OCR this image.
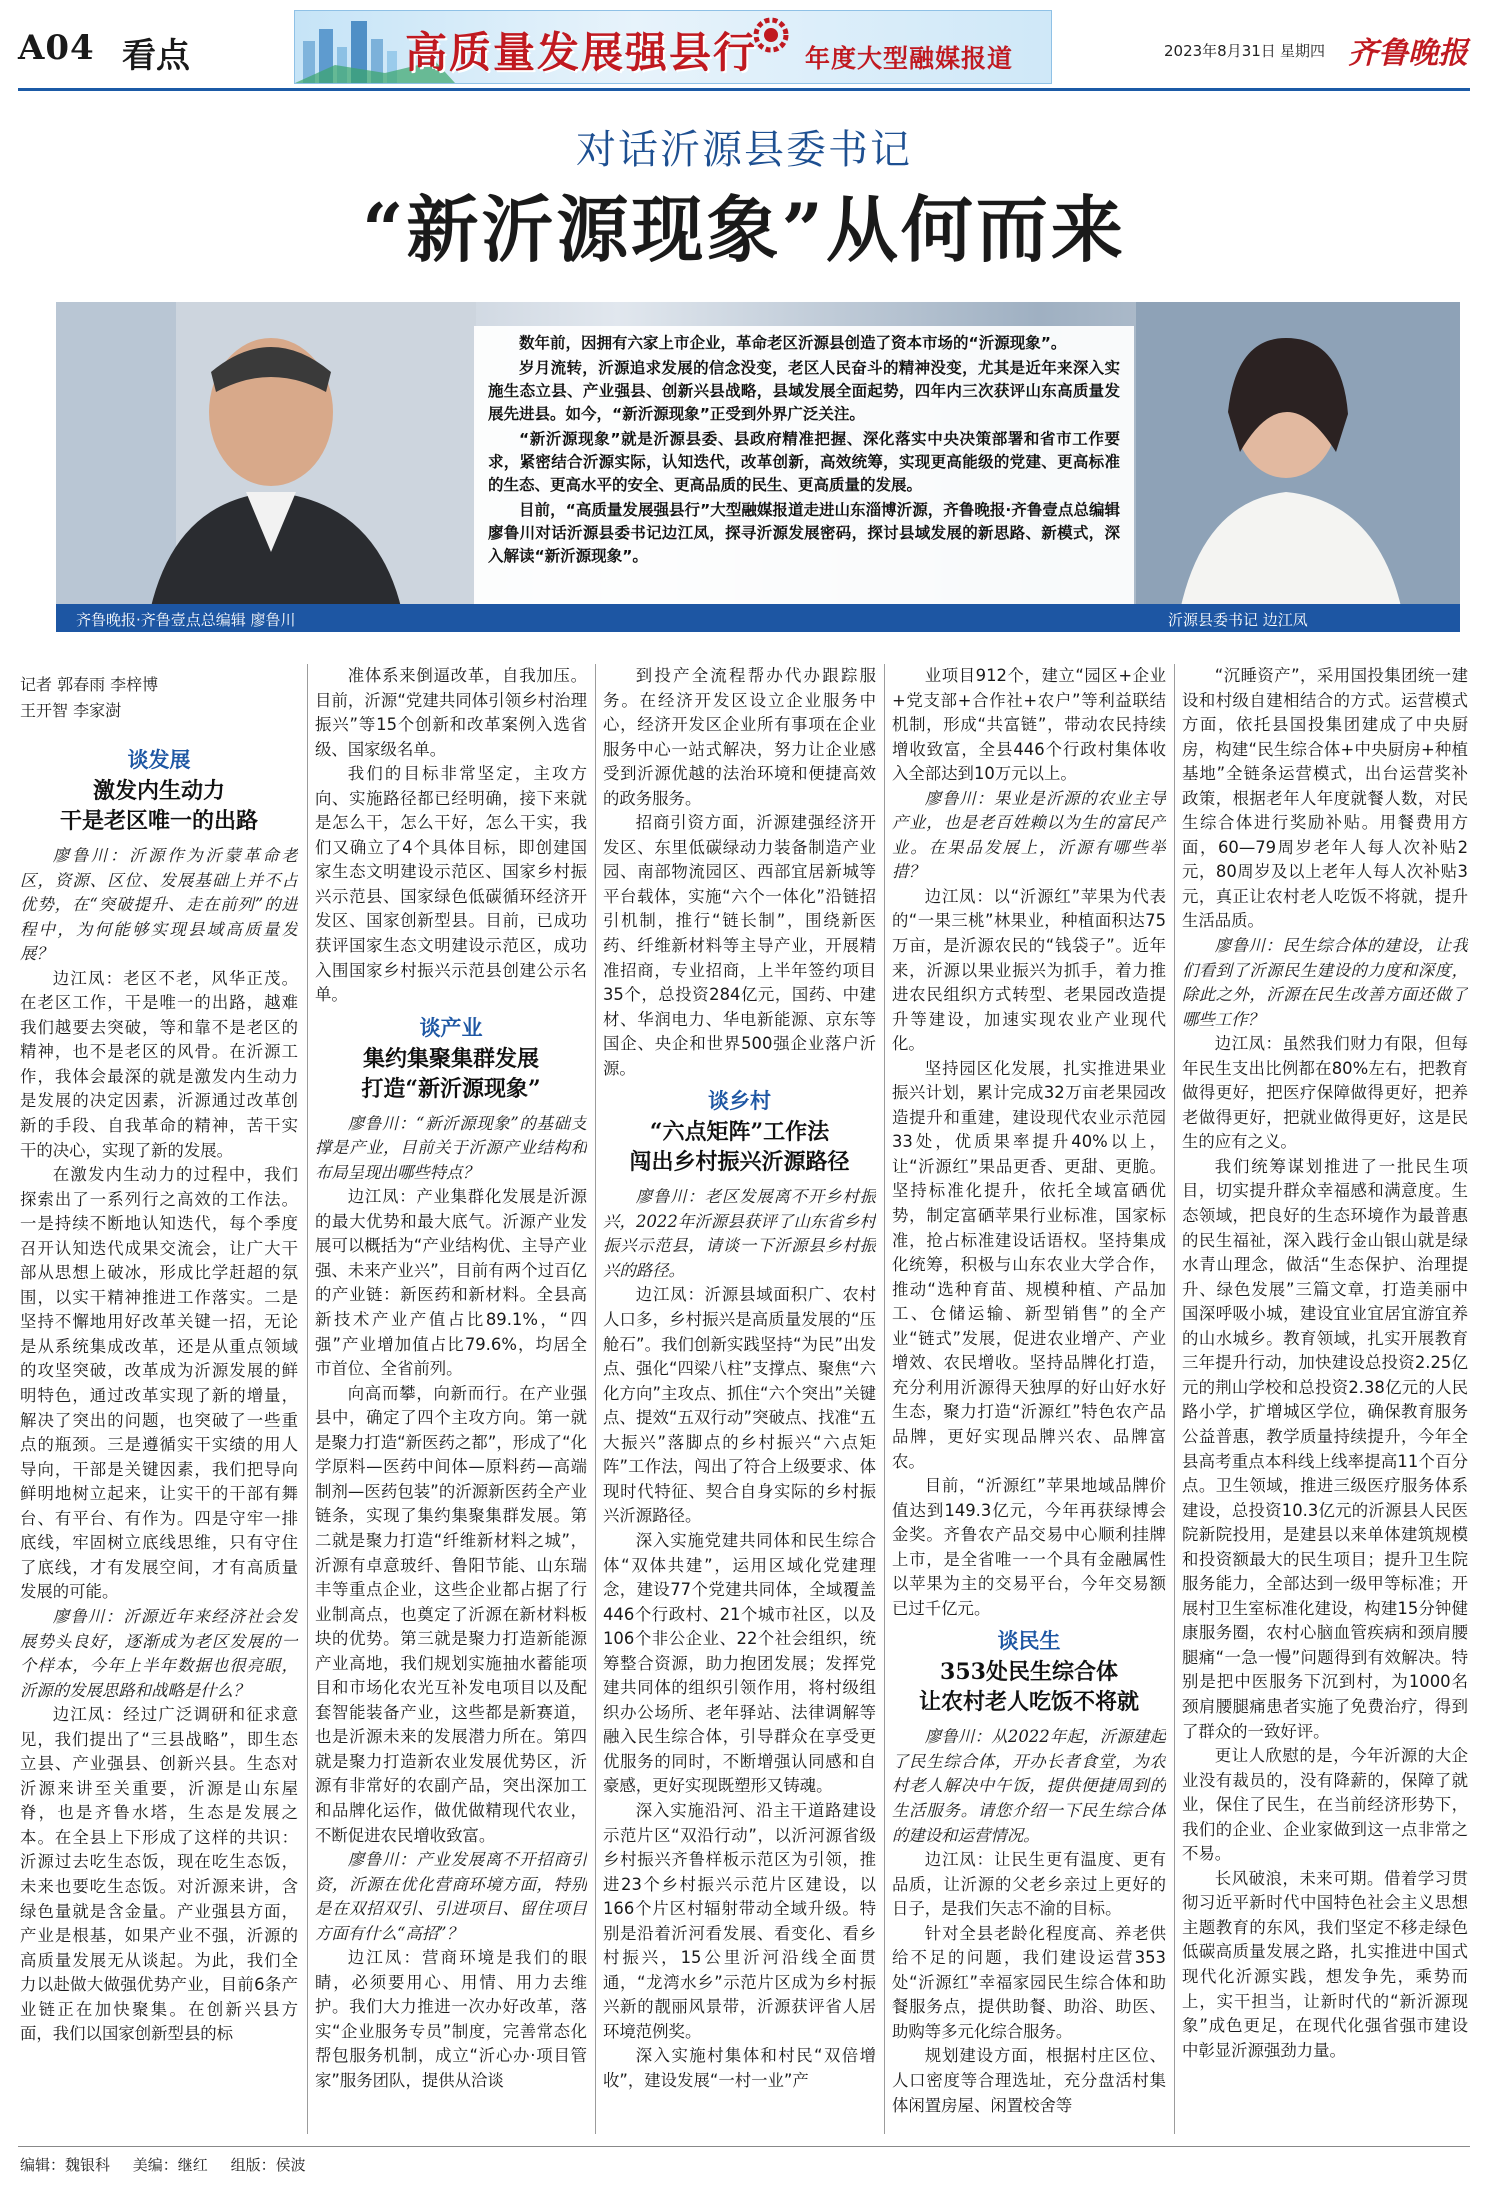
A04 看点	高质量发展强县行 年度大型融媒报道	2023年8月31日 星期四 齐鲁晚报
对话沂源县委书记
“新沂源现象”从何而来

数年前，因拥有六家上市企业，革命老区沂源县创造了资本市场的“沂源现象”。

岁月流转，沂源追求发展的信念没变，老区人民奋斗的精神没变，尤其是近年来深入实施生态立县、产业强县、创新兴县战略，县域发展全面起势，四年内三次获评山东高质量发展先进县。如今，“新沂源现象”正受到外界广泛关注。

“新沂源现象”就是沂源县委、县政府精准把握、深化落实中央决策部署和省市工作要求，紧密结合沂源实际，认知迭代，改革创新，高效统筹，实现更高能级的党建、更高标准的生态、更高水平的安全、更高品质的民生、更高质量的发展。

目前，“高质量发展强县行”大型融媒报道走进山东淄博沂源，齐鲁晚报·齐鲁壹点总编辑廖鲁川对话沂源县委书记边江凤，探寻沂源发展密码，探讨县域发展的新思路、新模式，深入解读“新沂源现象”。

齐鲁晚报·齐鲁壹点总编辑 廖鲁川	沂源县委书记 边江凤
记者 郭春雨 李梓博
王开智 李家澍
谈发展
激发内生动力
干是老区唯一的出路

廖鲁川：沂源作为沂蒙革命老区，资源、区位、发展基础上并不占优势，在“突破提升、走在前列”的进程中，为何能够实现县域高质量发展？

边江凤：老区不老，风华正茂。在老区工作，干是唯一的出路，越难我们越要去突破，等和靠不是老区的精神，也不是老区的风骨。在沂源工作，我体会最深的就是激发内生动力是发展的决定因素，沂源通过改革创新的手段、自我革命的精神，苦干实干的决心，实现了新的发展。

在激发内生动力的过程中，我们探索出了一系列行之高效的工作法。一是持续不断地认知迭代，每个季度召开认知迭代成果交流会，让广大干部从思想上破冰，形成比学赶超的氛围，以实干精神推进工作落实。二是坚持不懈地用好改革关键一招，无论是从系统集成改革，还是从重点领域的攻坚突破，改革成为沂源发展的鲜明特色，通过改革实现了新的增量，解决了突出的问题，也突破了一些重点的瓶颈。三是遵循实干实绩的用人导向，干部是关键因素，我们把导向鲜明地树立起来，让实干的干部有舞台、有平台、有作为。四是守牢一排底线，牢固树立底线思维，只有守住了底线，才有发展空间，才有高质量发展的可能。

廖鲁川：沂源近年来经济社会发展势头良好，逐渐成为老区发展的一个样本，今年上半年数据也很亮眼，沂源的发展思路和战略是什么？

边江凤：经过广泛调研和征求意见，我们提出了“三县战略”，即生态立县、产业强县、创新兴县。生态对沂源来讲至关重要，沂源是山东屋脊，也是齐鲁水塔，生态是发展之本。在全县上下形成了这样的共识：沂源过去吃生态饭，现在吃生态饭，未来也要吃生态饭。对沂源来讲，含绿色量就是含金量。产业强县方面，产业是根基，如果产业不强，沂源的高质量发展无从谈起。为此，我们全力以赴做大做强优势产业，目前6条产业链正在加快聚集。在创新兴县方面，我们以国家创新型县的标

准体系来倒逼改革，自我加压。目前，沂源“党建共同体引领乡村治理振兴”等15个创新和改革案例入选省级、国家级名单。

我们的目标非常坚定，主攻方向、实施路径都已经明确，接下来就是怎么干，怎么干好，怎么干实，我们又确立了4个具体目标，即创建国家生态文明建设示范区、国家乡村振兴示范县、国家绿色低碳循环经济开发区、国家创新型县。目前，已成功获评国家生态文明建设示范区，成功入围国家乡村振兴示范县创建公示名单。

谈产业
集约集聚集群发展
打造“新沂源现象”

廖鲁川：“新沂源现象”的基础支撑是产业，目前关于沂源产业结构和布局呈现出哪些特点？

边江凤：产业集群化发展是沂源的最大优势和最大底气。沂源产业发展可以概括为“产业结构优、主导产业强、未来产业兴”，目前有两个过百亿的产业链：新医药和新材料。全县高新技术产业产值占比89.1%，“四强”产业增加值占比79.6%，均居全市首位、全省前列。

向高而攀，向新而行。在产业强县中，确定了四个主攻方向。第一就是聚力打造“新医药之都”，形成了“化学原料—医药中间体—原料药—高端制剂—医药包装”的沂源新医药全产业链条，实现了集约集聚集群发展。第二就是聚力打造“纤维新材料之城”，沂源有卓意玻纤、鲁阳节能、山东瑞丰等重点企业，这些企业都占据了行业制高点，也奠定了沂源在新材料板块的优势。第三就是聚力打造新能源产业高地，我们规划实施抽水蓄能项目和市场化农光互补发电项目以及配套智能装备产业，这些都是新赛道，也是沂源未来的发展潜力所在。第四就是聚力打造新农业发展优势区，沂源有非常好的农副产品，突出深加工和品牌化运作，做优做精现代农业，不断促进农民增收致富。

廖鲁川：产业发展离不开招商引资，沂源在优化营商环境方面，特别是在双招双引、引进项目、留住项目方面有什么“高招”？

边江凤：营商环境是我们的眼睛，必须要用心、用情、用力去维护。我们大力推进一次办好改革，落实“企业服务专员”制度，完善常态化帮包服务机制，成立“沂心办·项目管家”服务团队，提供从洽谈

到投产全流程帮办代办跟踪服务。在经济开发区设立企业服务中心，经济开发区企业所有事项在企业服务中心一站式解决，努力让企业感受到沂源优越的法治环境和便捷高效的政务服务。

招商引资方面，沂源建强经济开发区、东里低碳绿动力装备制造产业园、南部物流园区、西部宜居新城等平台载体，实施“六个一体化”沿链招引机制，推行“链长制”，围绕新医药、纤维新材料等主导产业，开展精准招商，专业招商，上半年签约项目35个，总投资284亿元，国药、中建材、华润电力、华电新能源、京东等国企、央企和世界500强企业落户沂源。

谈乡村
“六点矩阵”工作法
闯出乡村振兴沂源路径

廖鲁川：老区发展离不开乡村振兴，2022年沂源县获评了山东省乡村振兴示范县，请谈一下沂源县乡村振兴的路径。

边江凤：沂源县域面积广、农村人口多，乡村振兴是高质量发展的“压舱石”。我们创新实践坚持“为民”出发点、强化“四梁八柱”支撑点、聚焦“六化方向”主攻点、抓住“六个突出”关键点、提效“五双行动”突破点、找准“五大振兴”落脚点的乡村振兴“六点矩阵”工作法，闯出了符合上级要求、体现时代特征、契合自身实际的乡村振兴沂源路径。

深入实施党建共同体和民生综合体“双体共建”，运用区域化党建理念，建设77个党建共同体，全域覆盖446个行政村、21个城市社区，以及106个非公企业、22个社会组织，统筹整合资源，助力抱团发展；发挥党建共同体的组织引领作用，将村级组织办公场所、老年驿站、法律调解等融入民生综合体，引导群众在享受更优服务的同时，不断增强认同感和自豪感，更好实现既塑形又铸魂。

深入实施沿河、沿主干道路建设示范片区“双沿行动”，以沂河源省级乡村振兴齐鲁样板示范区为引领，推进23个乡村振兴示范片区建设，以166个片区村辐射带动全域升级。特别是沿着沂河看发展、看变化、看乡村振兴，15公里沂河沿线全面贯通，“龙湾水乡”示范片区成为乡村振兴新的靓丽风景带，沂源获评省人居环境范例奖。

深入实施村集体和村民“双倍增收”，建设发展“一村一业”产

业项目912个，建立“园区+企业+党支部+合作社+农户”等利益联结机制，形成“共富链”，带动农民持续增收致富，全县446个行政村集体收入全部达到10万元以上。

廖鲁川：果业是沂源的农业主导产业，也是老百姓赖以为生的富民产业。在果品发展上，沂源有哪些举措？

边江凤：以“沂源红”苹果为代表的“一果三桃”林果业，种植面积达75万亩，是沂源农民的“钱袋子”。近年来，沂源以果业振兴为抓手，着力推进农民组织方式转型、老果园改造提升等建设，加速实现农业产业现代化。

坚持园区化发展，扎实推进果业振兴计划，累计完成32万亩老果园改造提升和重建，建设现代农业示范园33处，优质果率提升40%以上，让“沂源红”果品更香、更甜、更脆。坚持标准化提升，依托全域富硒优势，制定富硒苹果行业标准，国家标准，抢占标准建设话语权。坚持集成化统筹，积极与山东农业大学合作，推动“选种育苗、规模种植、产品加工、仓储运输、新型销售”的全产业“链式”发展，促进农业增产、产业增效、农民增收。坚持品牌化打造，充分利用沂源得天独厚的好山好水好生态，聚力打造“沂源红”特色农产品品牌，更好实现品牌兴农、品牌富农。

目前，“沂源红”苹果地域品牌价值达到149.3亿元，今年再获绿博会金奖。齐鲁农产品交易中心顺利挂牌上市，是全省唯一一个具有金融属性以苹果为主的交易平台，今年交易额已过千亿元。

谈民生
353处民生综合体
让农村老人吃饭不将就

廖鲁川：从2022年起，沂源建起了民生综合体，开办长者食堂，为农村老人解决中午饭，提供便捷周到的生活服务。请您介绍一下民生综合体的建设和运营情况。

边江凤：让民生更有温度、更有品质，让沂源的父老乡亲过上更好的日子，是我们矢志不渝的目标。

针对全县老龄化程度高、养老供给不足的问题，我们建设运营353处“沂源红”幸福家园民生综合体和助餐服务点，提供助餐、助浴、助医、助购等多元化综合服务。

规划建设方面，根据村庄区位、人口密度等合理选址，充分盘活村集体闲置房屋、闲置校舍等

“沉睡资产”，采用国投集团统一建设和村级自建相结合的方式。运营模式方面，依托县国投集团建成了中央厨房，构建“民生综合体+中央厨房+种植基地”全链条运营模式，出台运营奖补政策，根据老年人年度就餐人数，对民生综合体进行奖励补贴。用餐费用方面，60—79周岁老年人每人次补贴2元，80周岁及以上老年人每人次补贴3元，真正让农村老人吃饭不将就，提升生活品质。

廖鲁川：民生综合体的建设，让我们看到了沂源民生建设的力度和深度，除此之外，沂源在民生改善方面还做了哪些工作？

边江凤：虽然我们财力有限，但每年民生支出比例都在80%左右，把教育做得更好，把医疗保障做得更好，把养老做得更好，把就业做得更好，这是民生的应有之义。

我们统筹谋划推进了一批民生项目，切实提升群众幸福感和满意度。生态领域，把良好的生态环境作为最普惠的民生福祉，深入践行金山银山就是绿水青山理念，做活“生态保护、治理提升、绿色发展”三篇文章，打造美丽中国深呼吸小城，建设宜业宜居宜游宜养的山水城乡。教育领域，扎实开展教育三年提升行动，加快建设总投资2.25亿元的荆山学校和总投资2.38亿元的人民路小学，扩增城区学位，确保教育服务公益普惠，教学质量持续提升，今年全县高考重点本科线上线率提高11个百分点。卫生领域，推进三级医疗服务体系建设，总投资10.3亿元的沂源县人民医院新院投用，是建县以来单体建筑规模和投资额最大的民生项目；提升卫生院服务能力，全部达到一级甲等标准；开展村卫生室标准化建设，构建15分钟健康服务圈，农村心脑血管疾病和颈肩腰腿痛“一急一慢”问题得到有效解决。特别是把中医服务下沉到村，为1000名颈肩腰腿痛患者实施了免费治疗，得到了群众的一致好评。

更让人欣慰的是，今年沂源的大企业没有裁员的，没有降薪的，保障了就业，保住了民生，在当前经济形势下，我们的企业、企业家做到这一点非常之不易。

长风破浪，未来可期。借着学习贯彻习近平新时代中国特色社会主义思想主题教育的东风，我们坚定不移走绿色低碳高质量发展之路，扎实推进中国式现代化沂源实践，想发争先，乘势而上，实干担当，让新时代的“新沂源现象”成色更足，在现代化强省强市建设中彰显沂源强劲力量。

编辑：魏银科 美编：继红 组版：侯波
